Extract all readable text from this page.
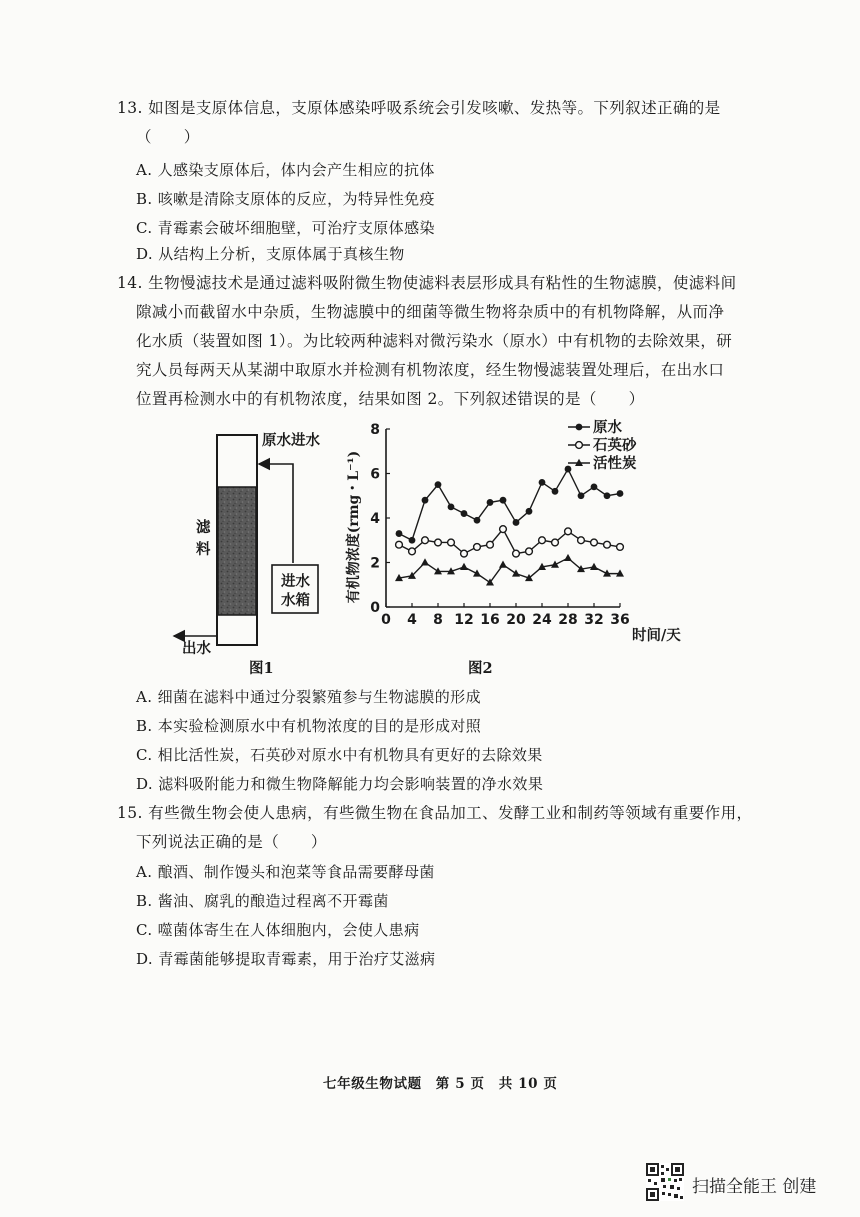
13. 如图是支原体信息，支原体感染呼吸系统会引发咳嗽、发热等。下列叙述正确的是
（　　）
A. 人感染支原体后，体内会产生相应的抗体
B. 咳嗽是清除支原体的反应，为特异性免疫
C. 青霉素会破坏细胞壁，可治疗支原体感染
D. 从结构上分析，支原体属于真核生物
14. 生物慢滤技术是通过滤料吸附微生物使滤料表层形成具有粘性的生物滤膜，使滤料间
隙减小而截留水中杂质，生物滤膜中的细菌等微生物将杂质中的有机物降解，从而净
化水质（装置如图 1）。为比较两种滤料对微污染水（原水）中有机物的去除效果，研
究人员每两天从某湖中取原水并检测有机物浓度，经生物慢滤装置处理后，在出水口
位置再检测水中的有机物浓度，结果如图 2。下列叙述错误的是（　　）
原水进水
滤
料
进水
水箱
出水
图1
0 4 8 12 16 20 24 28 32 36
0
2
4
6
8	原水
石英砂
活性炭
有机物浓度(rmg・L⁻¹)
时间/天
图2
A. 细菌在滤料中通过分裂繁殖参与生物滤膜的形成
B. 本实验检测原水中有机物浓度的目的是形成对照
C. 相比活性炭，石英砂对原水中有机物具有更好的去除效果
D. 滤料吸附能力和微生物降解能力均会影响装置的净水效果
15. 有些微生物会使人患病，有些微生物在食品加工、发酵工业和制药等领域有重要作用，
下列说法正确的是（　　）
A. 酿酒、制作馒头和泡菜等食品需要酵母菌
B. 酱油、腐乳的酿造过程离不开霉菌
C. 噬菌体寄生在人体细胞内，会使人患病
D. 青霉菌能够提取青霉素，用于治疗艾滋病
七年级生物试题　第 5 页　共 10 页
扫描全能王 创建
